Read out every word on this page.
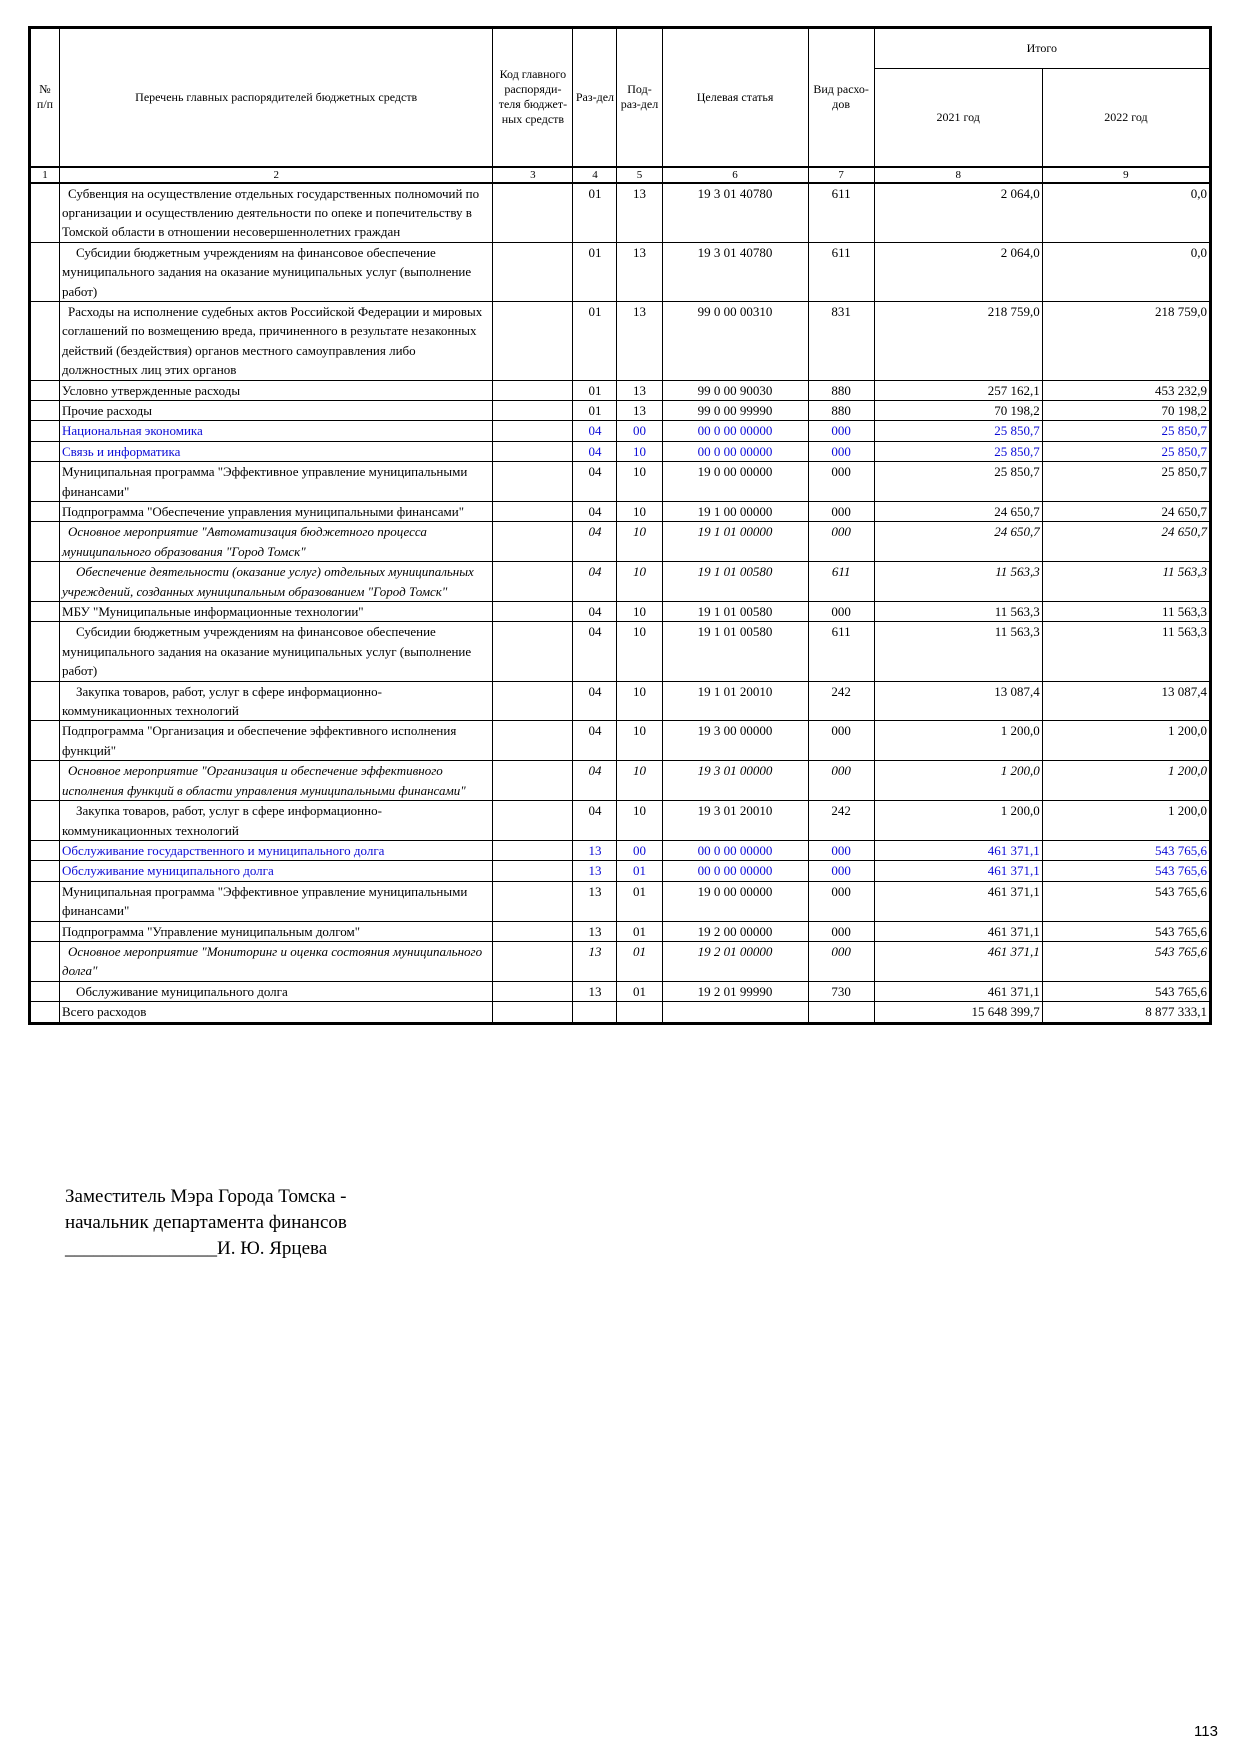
№ п/п	Перечень главных распорядителей бюджетных средств	Код главного распоряди-теля бюджет-ных средств	Раз-дел	Под-раз-дел	Целевая статья	Вид расхо-дов	Итого	
							2021 год	2022 год
1	2	3	4	5	6	7	8	9
	Субвенция на осуществление отдельных государственных полномочий по организации и осуществлению деятельности по опеке и попечительству в Томской области в отношении несовершеннолетних граждан		01	13	19 3 01 40780	611	2 064,0	0,0
	Субсидии бюджетным учреждениям на финансовое обеспечение муниципального задания на оказание муниципальных услуг (выполнение работ)		01	13	19 3 01 40780	611	2 064,0	0,0
	Расходы на исполнение судебных актов Российской Федерации и мировых соглашений по возмещению вреда, причиненного в результате незаконных действий (бездействия) органов местного самоуправления либо должностных лиц этих органов		01	13	99 0 00 00310	831	218 759,0	218 759,0
	Условно утвержденные расходы		01	13	99 0 00 90030	880	257 162,1	453 232,9
	Прочие расходы		01	13	99 0 00 99990	880	70 198,2	70 198,2
	Национальная экономика		04	00	00 0 00 00000	000	25 850,7	25 850,7
	Связь и информатика		04	10	00 0 00 00000	000	25 850,7	25 850,7
	Муниципальная программа "Эффективное управление муниципальными финансами"		04	10	19 0 00 00000	000	25 850,7	25 850,7
	Подпрограмма "Обеспечение управления муниципальными финансами"		04	10	19 1 00 00000	000	24 650,7	24 650,7
	Основное мероприятие "Автоматизация бюджетного процесса муниципального образования "Город Томск"		04	10	19 1 01 00000	000	24 650,7	24 650,7
	Обеспечение деятельности (оказание услуг) отдельных муниципальных учреждений, созданных муниципальным образованием "Город Томск"		04	10	19 1 01 00580	611	11 563,3	11 563,3
	МБУ "Муниципальные информационные технологии"		04	10	19 1 01 00580	000	11 563,3	11 563,3
	Субсидии бюджетным учреждениям на финансовое обеспечение муниципального задания на оказание муниципальных услуг (выполнение работ)		04	10	19 1 01 00580	611	11 563,3	11 563,3
	Закупка товаров, работ, услуг в сфере информационно-коммуникационных технологий		04	10	19 1 01 20010	242	13 087,4	13 087,4
	Подпрограмма "Организация и обеспечение эффективного исполнения функций"		04	10	19 3 00 00000	000	1 200,0	1 200,0
	Основное мероприятие "Организация и обеспечение эффективного исполнения функций в области управления муниципальными финансами"		04	10	19 3 01 00000	000	1 200,0	1 200,0
	Закупка товаров, работ, услуг в сфере информационно-коммуникационных технологий		04	10	19 3 01 20010	242	1 200,0	1 200,0
	Обслуживание государственного и муниципального долга		13	00	00 0 00 00000	000	461 371,1	543 765,6
	Обслуживание муниципального долга		13	01	00 0 00 00000	000	461 371,1	543 765,6
	Муниципальная программа "Эффективное управление муниципальными финансами"		13	01	19 0 00 00000	000	461 371,1	543 765,6
	Подпрограмма "Управление муниципальным долгом"		13	01	19 2 00 00000	000	461 371,1	543 765,6
	Основное мероприятие "Мониторинг и оценка состояния муниципального долга"		13	01	19 2 01 00000	000	461 371,1	543 765,6
	Обслуживание муниципального долга		13	01	19 2 01 99990	730	461 371,1	543 765,6
	Всего расходов						15 648 399,7	8 877 333,1
Заместитель Мэра Города Томска -
начальник департамента финансов
________________И. Ю. Ярцева
113
